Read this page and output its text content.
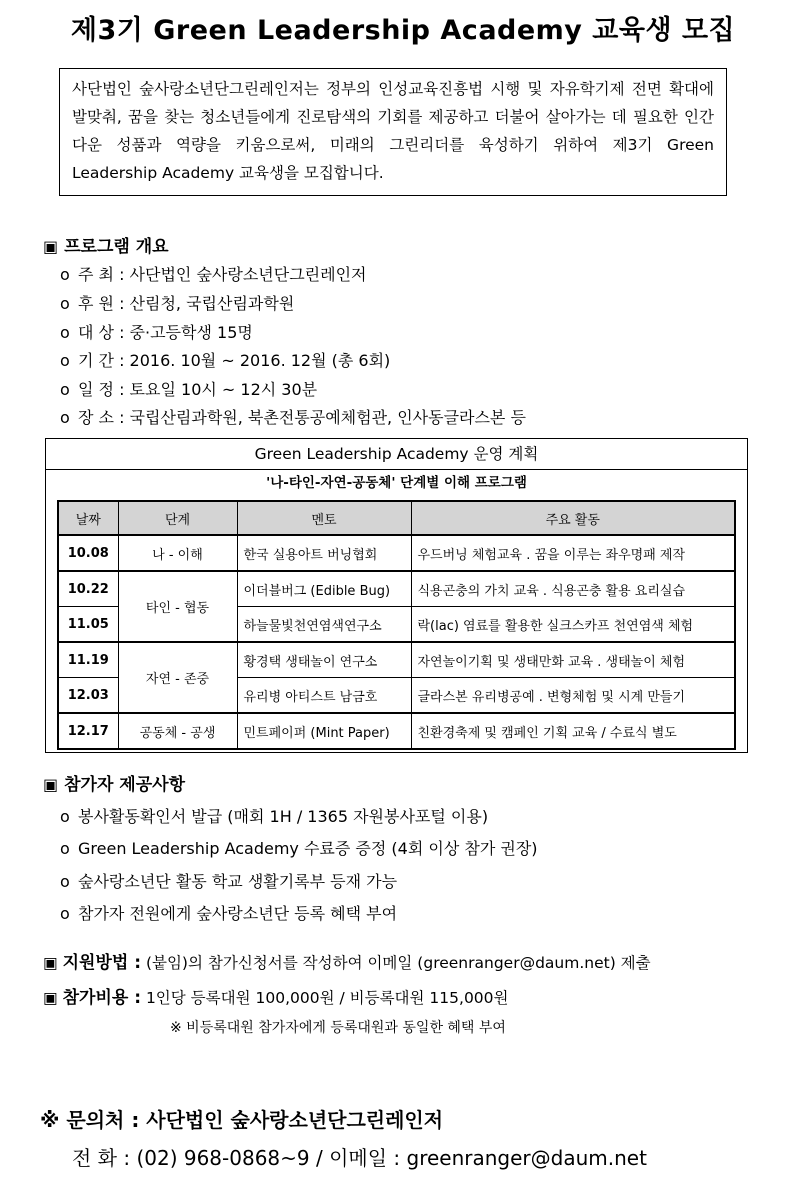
제3기 Green Leadership Academy 교육생 모집
사단법인 숲사랑소년단그린레인저는 정부의 인성교육진흥법 시행 및 자유학기제 전면 확대에 발맞춰, 꿈을 찾는 청소년들에게 진로탐색의 기회를 제공하고 더불어 살아가는 데 필요한 인간다운 성품과 역량을 키움으로써, 미래의 그린리더를 육성하기 위하여 제3기 Green Leadership Academy 교육생을 모집합니다.
▣ 프로그램 개요
o 주 최 : 사단법인 숲사랑소년단그린레인저
o 후 원 : 산림청, 국립산림과학원
o 대 상 : 중·고등학생 15명
o 기 간 : 2016. 10월 ~ 2016. 12월 (총 6회)
o 일 정 : 토요일 10시 ~ 12시 30분
o 장 소 : 국립산림과학원, 북촌전통공예체험관, 인사동글라스본 등
Green Leadership Academy 운영 계획
'나-타인-자연-공동체' 단계별 이해 프로그램
날짜	단계	멘토	주요 활동
10.08	나 - 이해	한국 실용아트 버닝협회	우드버닝 체험교육 . 꿈을 이루는 좌우명패 제작
10.22	타인 - 협동	이더블버그 (Edible Bug)	식용곤충의 가치 교육 . 식용곤충 활용 요리실습
11.05		하늘물빛천연염색연구소	락(lac) 염료를 활용한 실크스카프 천연염색 체험
11.19	자연 - 존중	황경택 생태놀이 연구소	자연놀이기획 및 생태만화 교육 . 생태놀이 체험
12.03		유리병 아티스트 남금호	글라스본 유리병공예 . 변형체험 및 시계 만들기
12.17	공동체 - 공생	민트페이퍼 (Mint Paper)	친환경축제 및 캠페인 기획 교육 / 수료식 별도
▣ 참가자 제공사항
o 봉사활동확인서 발급 (매회 1H / 1365 자원봉사포털 이용)
o Green Leadership Academy 수료증 증정 (4회 이상 참가 권장)
o 숲사랑소년단 활동 학교 생활기록부 등재 가능
o 참가자 전원에게 숲사랑소년단 등록 혜택 부여
▣ 지원방법 : (붙임)의 참가신청서를 작성하여 이메일 (greenranger@daum.net) 제출
▣ 참가비용 : 1인당 등록대원 100,000원 / 비등록대원 115,000원
※ 비등록대원 참가자에게 등록대원과 동일한 혜택 부여
※ 문의처 : 사단법인 숲사랑소년단그린레인저
전 화 : (02) 968-0868~9 / 이메일 : greenranger@daum.net
